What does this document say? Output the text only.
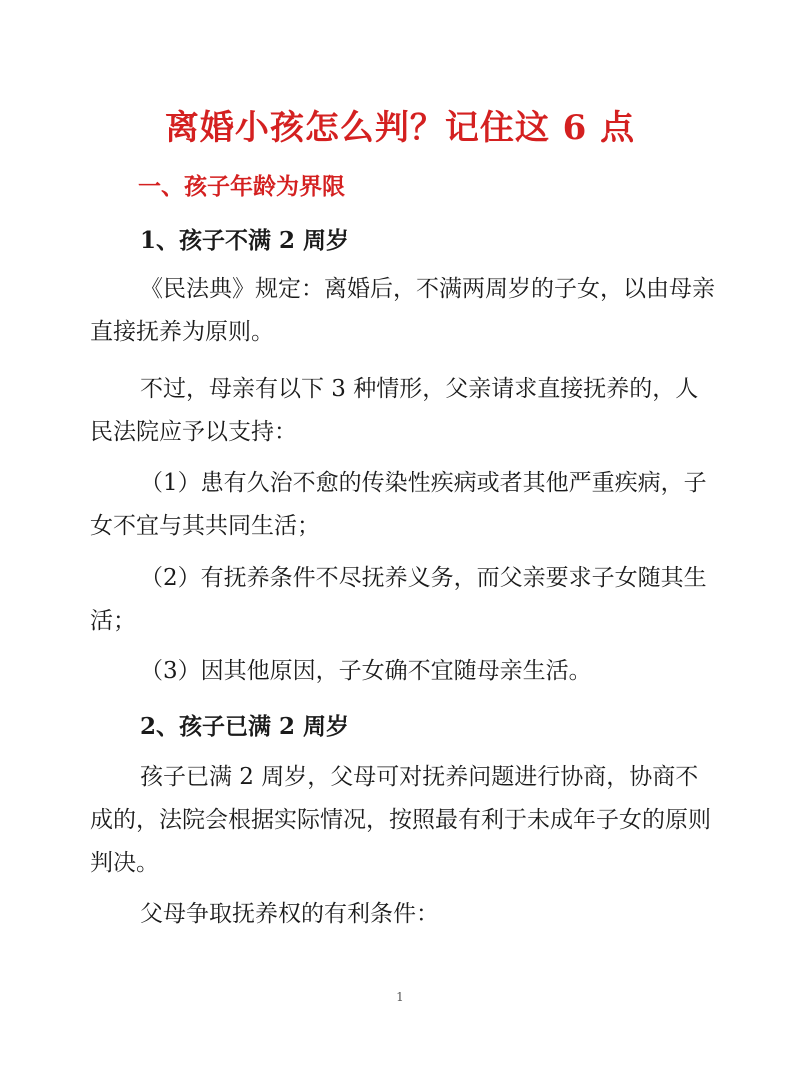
离婚小孩怎么判？记住这 6 点
一、孩子年龄为界限
1、孩子不满 2 周岁

《民法典》规定：离婚后，不满两周岁的子女，以由母亲直接抚养为原则。

不过，母亲有以下 3 种情形，父亲请求直接抚养的，人民法院应予以支持：

（1）患有久治不愈的传染性疾病或者其他严重疾病，子女不宜与其共同生活；

（2）有抚养条件不尽抚养义务，而父亲要求子女随其生活；

（3）因其他原因，子女确不宜随母亲生活。

2、孩子已满 2 周岁

孩子已满 2 周岁，父母可对抚养问题进行协商，协商不成的，法院会根据实际情况，按照最有利于未成年子女的原则判决。

父母争取抚养权的有利条件：

1
